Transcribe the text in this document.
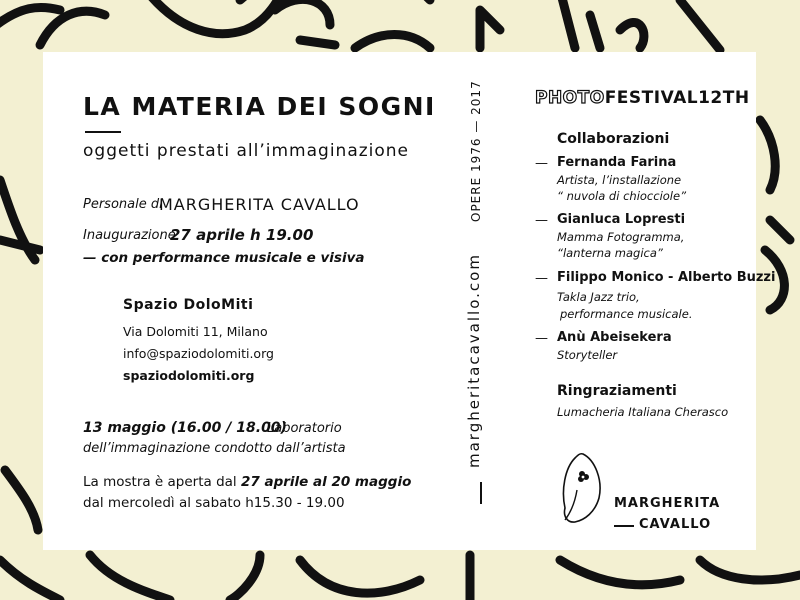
LA MATERIA DEI SOGNI
oggetti prestati all’immaginazione
Personale di
MARGHERITA CAVALLO
Inaugurazione
27 aprile h 19.00
— con performance musicale e visiva
Spazio DoloMiti
Via Dolomiti 11, Milano
info@spaziodolomiti.org
spaziodolomiti.org
13 maggio (16.00 / 18.00)
Laboratorio
dell’immaginazione condotto dall’artista
La mostra è aperta dal 27 aprile al 20 maggio
dal mercoledì al sabato h15.30 - 19.00
OPERE 1976 — 2017
margheritacavallo.com
PHOTOFESTIVAL12TH
Collaborazioni
— Fernanda Farina
Artista, l’installazione
“ nuvola di chiocciole”
— Gianluca Lopresti
Mamma Fotogramma,
“lanterna magica”
— Filippo Monico - Alberto Buzzi
Takla Jazz trio,
performance musicale.
— Anù Abeisekera
Storyteller
Ringraziamenti
Lumacheria Italiana Cherasco
MARGHERITA
CAVALLO
